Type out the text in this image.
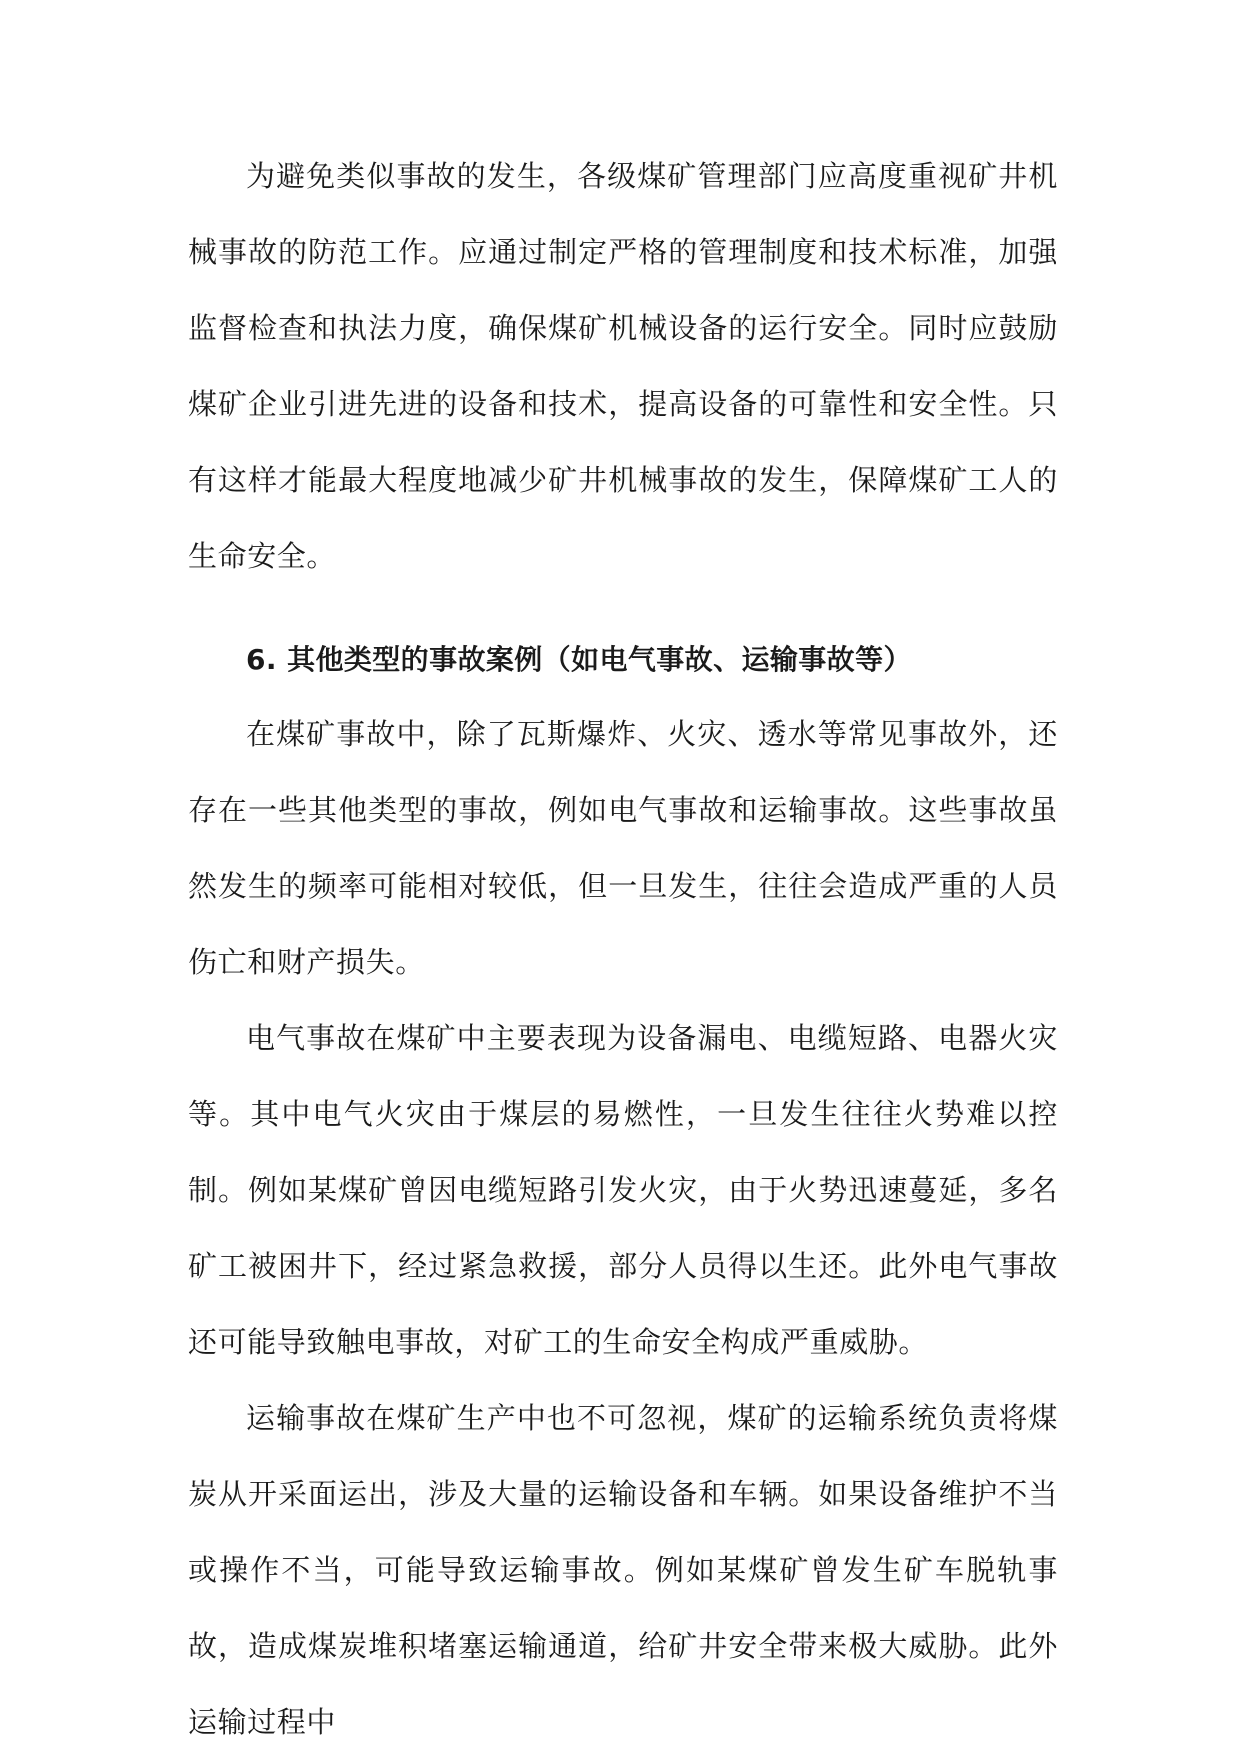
为避免类似事故的发生，各级煤矿管理部门应高度重视矿井机械事故的防范工作。应通过制定严格的管理制度和技术标准，加强监督检查和执法力度，确保煤矿机械设备的运行安全。同时应鼓励煤矿企业引进先进的设备和技术，提高设备的可靠性和安全性。只有这样才能最大程度地减少矿井机械事故的发生，保障煤矿工人的生命安全。

6. 其他类型的事故案例（如电气事故、运输事故等）

在煤矿事故中，除了瓦斯爆炸、火灾、透水等常见事故外，还存在一些其他类型的事故，例如电气事故和运输事故。这些事故虽然发生的频率可能相对较低，但一旦发生，往往会造成严重的人员伤亡和财产损失。

电气事故在煤矿中主要表现为设备漏电、电缆短路、电器火灾等。其中电气火灾由于煤层的易燃性，一旦发生往往火势难以控制。例如某煤矿曾因电缆短路引发火灾，由于火势迅速蔓延，多名矿工被困井下，经过紧急救援，部分人员得以生还。此外电气事故还可能导致触电事故，对矿工的生命安全构成严重威胁。

运输事故在煤矿生产中也不可忽视，煤矿的运输系统负责将煤炭从开采面运出，涉及大量的运输设备和车辆。如果设备维护不当或操作不当，可能导致运输事故。例如某煤矿曾发生矿车脱轨事故，造成煤炭堆积堵塞运输通道，给矿井安全带来极大威胁。此外运输过程中
